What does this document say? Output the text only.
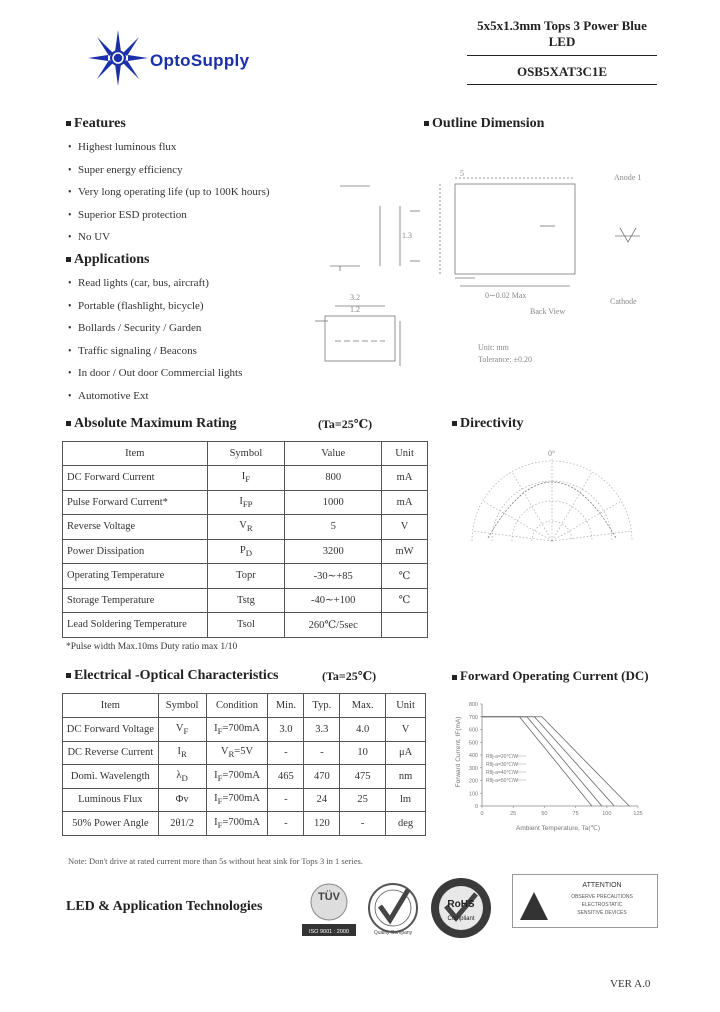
OptoSupply
5x5x1.3mm Tops 3 Power Blue
LED
OSB5XAT3C1E
Features
• Highest luminous flux
• Super energy efficiency
• Very long operating life (up to 100K hours)
• Superior ESD protection
• No UV
Applications
• Read lights (car, bus, aircraft)
• Portable (flashlight, bicycle)
• Bollards / Security / Garden
• Traffic signaling / Beacons
• In door / Out door Commercial lights
• Automotive Ext
Outline Dimension
5
1.3
3.2
1.2
Anode 1
Cathode
0∼0.02 Max
Back View
Unit: mm
Tolerance: ±0.20
Absolute Maximum Rating	(Ta=25℃)
Item	Symbol	Value	Unit
DC Forward Current	$I_F$	800	mA
Pulse Forward Current*	$I_{FP}$	1000	mA
Reverse Voltage	$V_R$	5	V
Power Dissipation	$P_D$	3200	mW
Operating Temperature	Topr	-30∼+85	℃
Storage Temperature	Tstg	-40∼+100	℃
Lead Soldering Temperature	Tsol	260℃/5sec	
*Pulse width Max.10ms Duty ratio max 1/10
Directivity
0°
Electrical -Optical Characteristics	(Ta=25℃)
Item	Symbol	Condition	Min.	Typ.	Max.	Unit
DC Forward Voltage	$V_F$	$I_F=700mA$	3.0	3.3	4.0	V
DC Reverse Current	$I_R$	$V_R=5V$	-	-	10	μA
Domi. Wavelength	$\lambda_D$	$I_F=700mA$	465	470	475	nm
Luminous Flux	Φv	$I_F=700mA$	-	24	25	lm
50% Power Angle	2θ1/2	$I_F=700mA$	-	120	-	deg
Note: Don't drive at rated current more than 5s without heat sink for Tops 3 in 1 series.
Forward Operating Current (DC)
0
100
200
300
400
500
600
700
800
0	25	50	75	100	125
Rθj-a=20℃/W
Rθj-a=30℃/W
Rθj-a=40℃/W
Rθj-a=50℃/W
Ambient Temperature, Ta(℃)
Forward Current, IF(mA)
LED & Application Technologies
TÜV
ISO 9001 : 2000	Quality Company
RoHS
Compliant
ATTENTION
OBSERVE PRECAUTIONS
ELECTROSTATIC
SENSITIVE DEVICES
VER A.0
